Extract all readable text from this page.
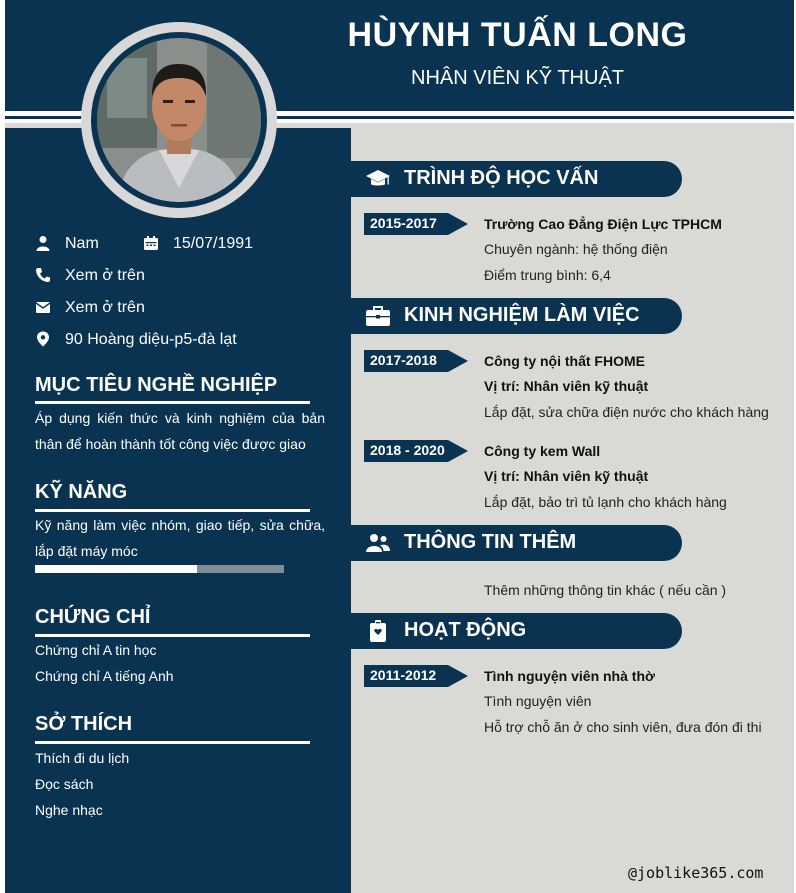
HÙYNH TUẤN LONG
NHÂN VIÊN KỸ THUẬT
Nam	15/07/1991
Xem ở trên
Xem ở trên
90 Hoàng diệu-p5-đà lạt
MỤC TIÊU NGHỀ NGHIỆP
Áp dụng kiến thức và kinh nghiệm của bản thân để hoàn thành tốt công việc được giao
KỸ NĂNG
Kỹ năng làm việc nhóm, giao tiếp, sửa chữa, lắp đặt máy móc
CHỨNG CHỈ
Chứng chỉ A tin học
Chứng chỉ A tiếng Anh
SỞ THÍCH
Thích đi du lịch
Đọc sách
Nghe nhạc
TRÌNH ĐỘ HỌC VẤN
2015-2017	Trường Cao Đẳng Điện Lực TPHCM
Chuyên ngành: hệ thống điện
Điểm trung bình: 6,4
KINH NGHIỆM LÀM VIỆC
2017-2018	Công ty nội thất FHOME
Vị trí: Nhân viên kỹ thuật
Lắp đặt, sửa chữa điện nước cho khách hàng
2018 - 2020	Công ty kem Wall
Vị trí: Nhân viên kỹ thuật
Lắp đặt, bảo trì tủ lạnh cho khách hàng
THÔNG TIN THÊM
Thêm những thông tin khác ( nếu cần )
HOẠT ĐỘNG
2011-2012	Tình nguyện viên nhà thờ
Tình nguyện viên
Hỗ trợ chỗ ăn ở cho sinh viên, đưa đón đi thi
@joblike365.com
